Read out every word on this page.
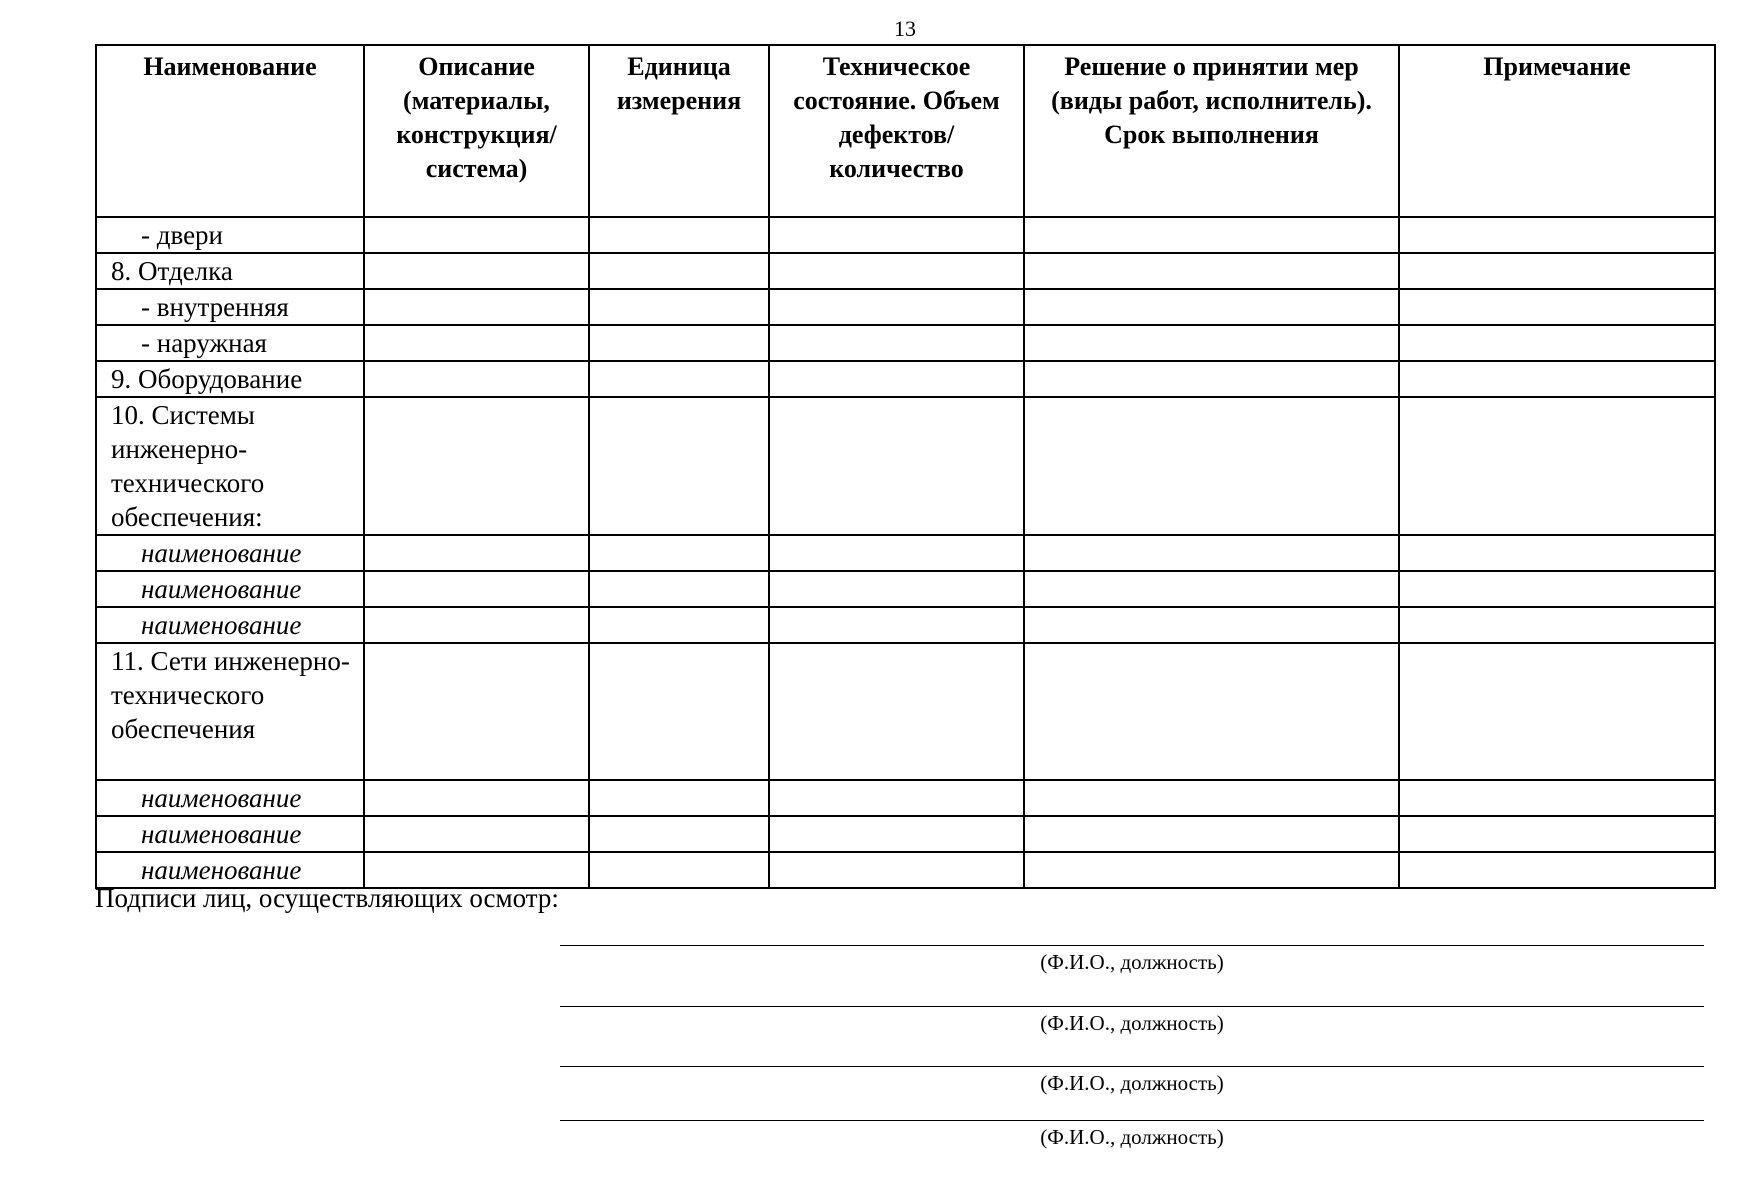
13
Наименование	Описание (материалы, конструкция/ система)	Единица измерения	Техническое состояние. Объем дефектов/ количество	Решение о принятии мер (виды работ, исполнитель). Срок выполнения	Примечание
- двери					
8. Отделка					
- внутренняя					
- наружная					
9. Оборудование					
10. Системы инженерно-технического обеспечения:					
наименование					
наименование					
наименование					
11. Сети инженерно-технического обеспечения					
наименование					
наименование					
наименование					
Подписи лиц, осуществляющих осмотр:
(Ф.И.О., должность)
(Ф.И.О., должность)
(Ф.И.О., должность)
(Ф.И.О., должность)
